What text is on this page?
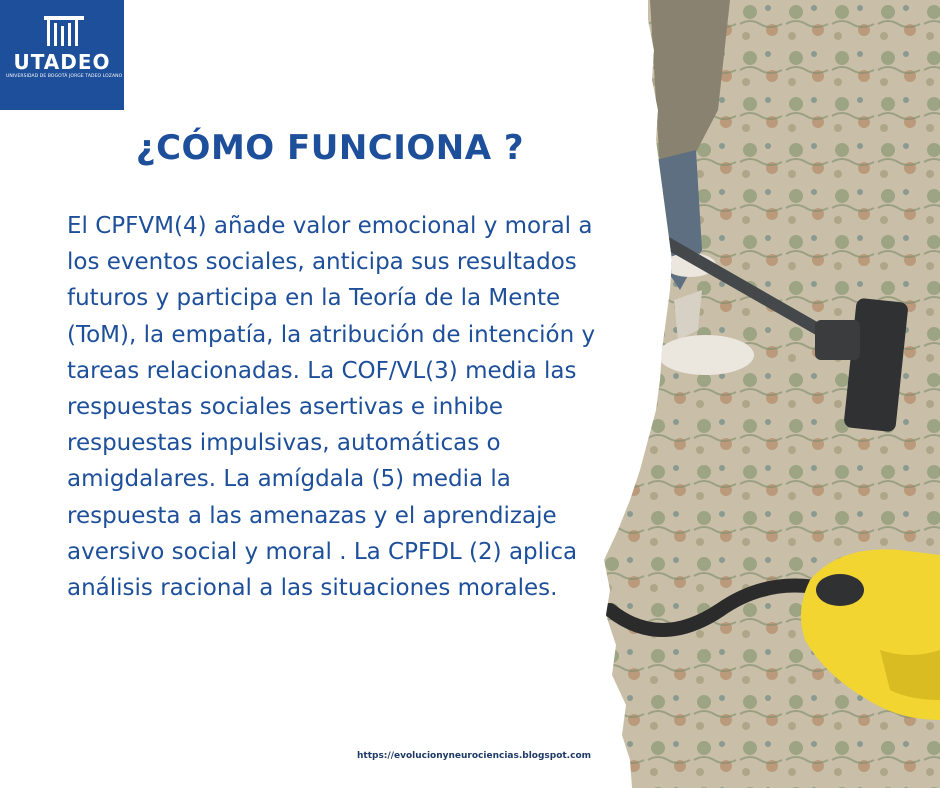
UTADEO
UNIVERSIDAD DE BOGOTÁ JORGE TADEO LOZANO
¿CÓMO FUNCIONA ?

El CPFVM(4) añade valor emocional y moral a los eventos sociales, anticipa sus resultados futuros y participa en la Teoría de la Mente (ToM), la empatía, la atribución de intención y tareas relacionadas. La COF/VL(3) media las respuestas sociales asertivas e inhibe respuestas impulsivas, automáticas o amigdalares. La amígdala (5) media la respuesta a las amenazas y el aprendizaje aversivo social y moral . La CPFDL (2) aplica análisis racional a las situaciones morales.

https://evolucionyneurociencias.blogspot.com
